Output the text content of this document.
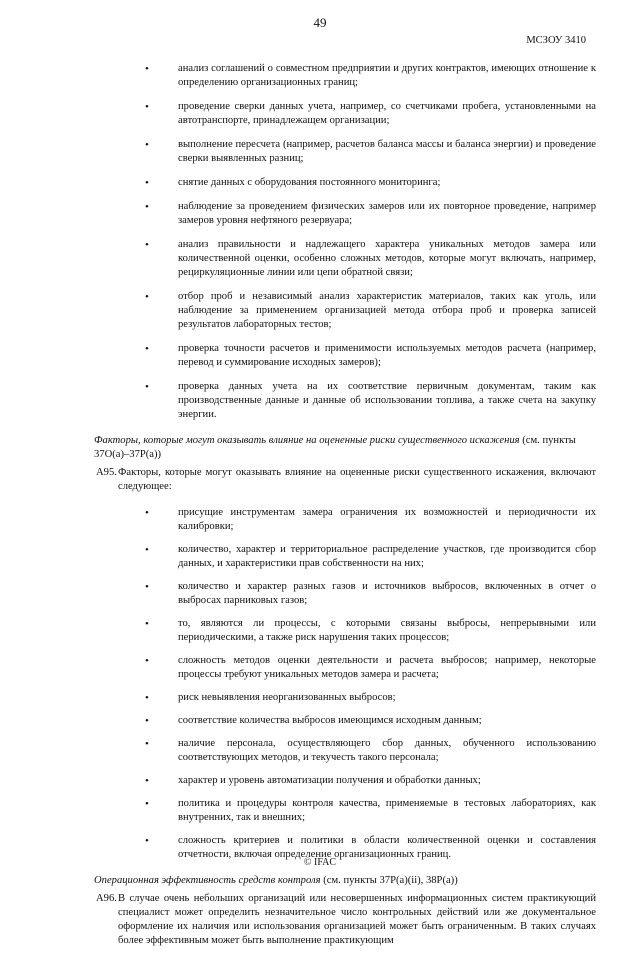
49
МСЗОУ 3410
•	анализ соглашений о совместном предприятии и других контрактов, имеющих отношение к определению организационных границ;
•	проведение сверки данных учета, например, со счетчиками пробега, установленными на автотранспорте, принадлежащем организации;
•	выполнение пересчета (например, расчетов баланса массы и баланса энергии) и проведение сверки выявленных разниц;
•	снятие данных с оборудования постоянного мониторинга;
•	наблюдение за проведением физических замеров или их повторное проведение, например замеров уровня нефтяного резервуара;
•	анализ правильности и надлежащего характера уникальных методов замера или количественной оценки, особенно сложных методов, которые могут включать, например, рециркуляционные линии или цепи обратной связи;
•	отбор проб и независимый анализ характеристик материалов, таких как уголь, или наблюдение за применением организацией метода отбора проб и проверка записей результатов лабораторных тестов;
•	проверка точности расчетов и применимости используемых методов расчета (например, перевод и суммирование исходных замеров);
•	проверка данных учета на их соответствие первичным документам, таким как производственные данные и данные об использовании топлива, а также счета на закупку энергии.
Факторы, которые могут оказывать влияние на оцененные риски существенного искажения (см. пункты 37О(а)–37Р(а))
A95. Факторы, которые могут оказывать влияние на оцененные риски существенного искажения, включают следующее:
•	присущие инструментам замера ограничения их возможностей и периодичности их калибровки;
•	количество, характер и территориальное распределение участков, где производится сбор данных, и характеристики прав собственности на них;
•	количество и характер разных газов и источников выбросов, включенных в отчет о выбросах парниковых газов;
•	то, являются ли процессы, с которыми связаны выбросы, непрерывными или периодическими, а также риск нарушения таких процессов;
•	сложность методов оценки деятельности и расчета выбросов; например, некоторые процессы требуют уникальных методов замера и расчета;
•	риск невыявления неорганизованных выбросов;
•	соответствие количества выбросов имеющимся исходным данным;
•	наличие персонала, осуществляющего сбор данных, обученного использованию соответствующих методов, и текучесть такого персонала;
•	характер и уровень автоматизации получения и обработки данных;
•	политика и процедуры контроля качества, применяемые в тестовых лабораториях, как внутренних, так и внешних;
•	сложность критериев и политики в области количественной оценки и составления отчетности, включая определение организационных границ.
Операционная эффективность средств контроля (см. пункты 37Р(а)(ii), 38Р(а))
A96. В случае очень небольших организаций или несовершенных информационных систем практикующий специалист может определить незначительное число контрольных действий или же документальное оформление их наличия или использования организацией может быть ограниченным. В таких случаях более эффективным может быть выполнение практикующим
© IFAC
